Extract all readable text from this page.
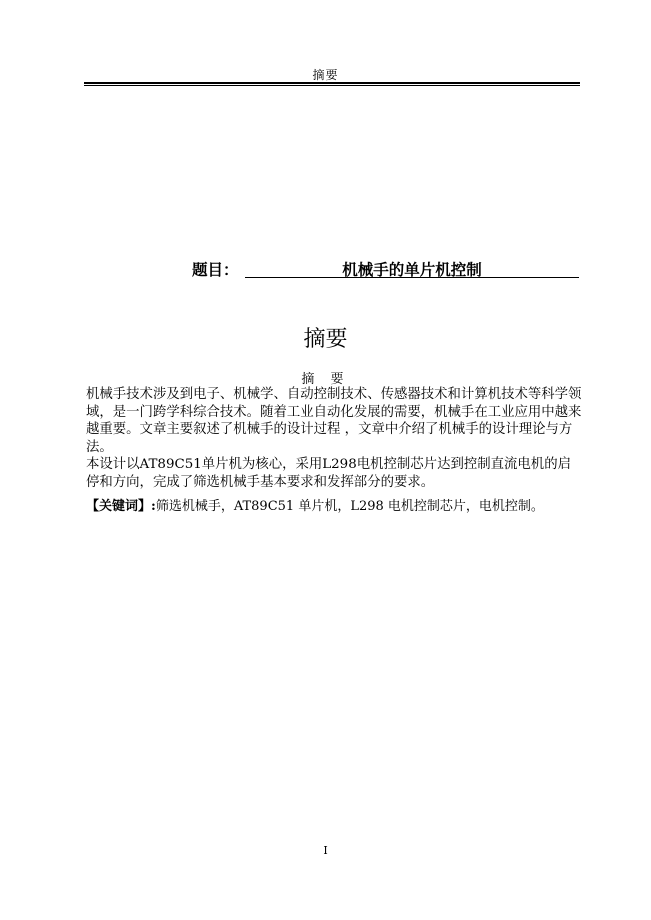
摘要
题目：	机械手的单片机控制
摘要
摘 要

机械手技术涉及到电子、机械学、自动控制技术、传感器技术和计算机技术等科学领域，是一门跨学科综合技术。随着工业自动化发展的需要，机械手在工业应用中越来越重要。文章主要叙述了机械手的设计过程 ，文章中介绍了机械手的设计理论与方法。

本设计以AT89C51单片机为核心，采用L298电机控制芯片达到控制直流电机的启停和方向，完成了筛选机械手基本要求和发挥部分的要求。

【关键词】:筛选机械手，AT89C51 单片机，L298 电机控制芯片，电机控制。

I
